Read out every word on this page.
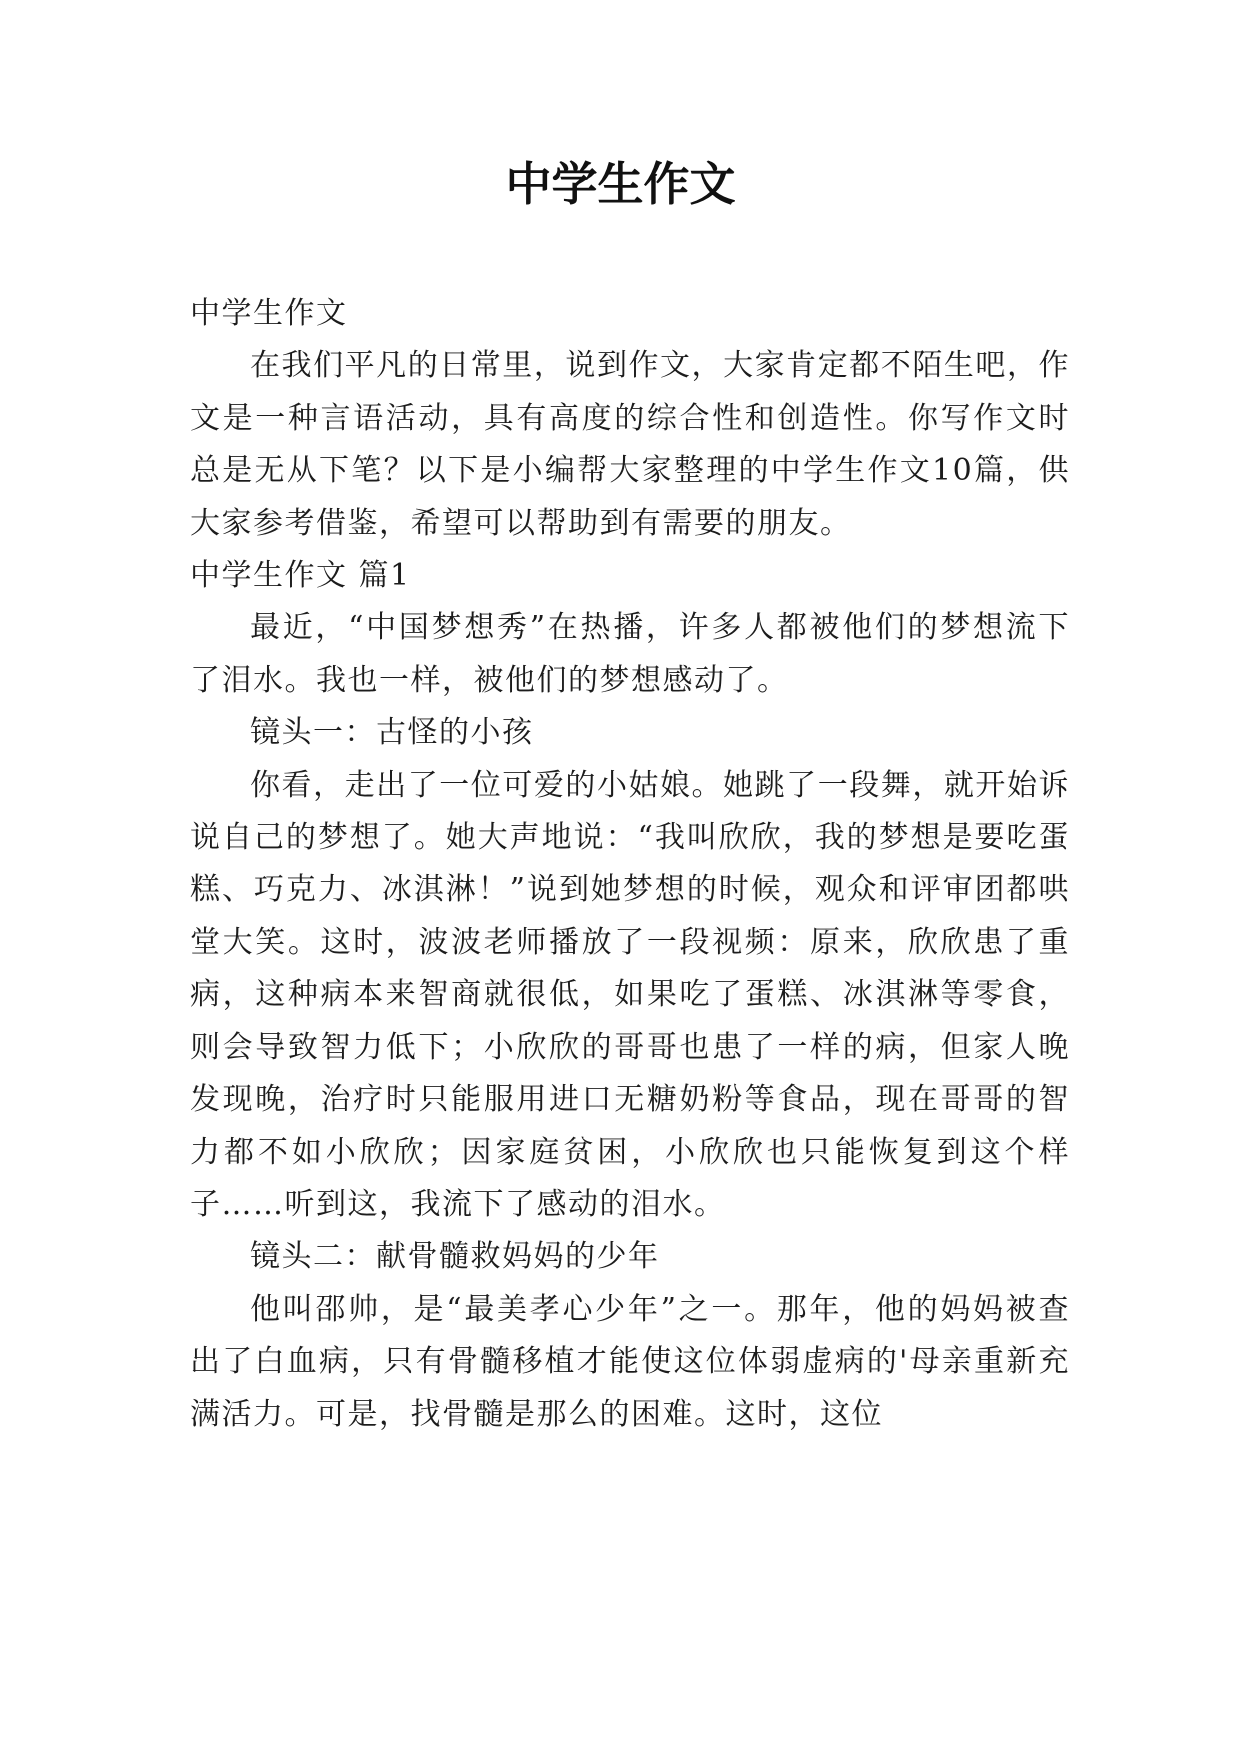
中学生作文

中学生作文

在我们平凡的日常里，说到作文，大家肯定都不陌生吧，作文是一种言语活动，具有高度的综合性和创造性。你写作文时总是无从下笔？以下是小编帮大家整理的中学生作文10篇，供大家参考借鉴，希望可以帮助到有需要的朋友。

中学生作文 篇1

最近，“中国梦想秀”在热播，许多人都被他们的梦想流下了泪水。我也一样，被他们的梦想感动了。

镜头一：古怪的小孩

你看，走出了一位可爱的小姑娘。她跳了一段舞，就开始诉说自己的梦想了。她大声地说：“我叫欣欣，我的梦想是要吃蛋糕、巧克力、冰淇淋！”说到她梦想的时候，观众和评审团都哄堂大笑。这时，波波老师播放了一段视频：原来，欣欣患了重病，这种病本来智商就很低，如果吃了蛋糕、冰淇淋等零食，则会导致智力低下；小欣欣的哥哥也患了一样的病，但家人晚发现晚，治疗时只能服用进口无糖奶粉等食品，现在哥哥的智力都不如小欣欣；因家庭贫困，小欣欣也只能恢复到这个样子……听到这，我流下了感动的泪水。

镜头二：献骨髓救妈妈的少年

他叫邵帅，是“最美孝心少年”之一。那年，他的妈妈被查出了白血病，只有骨髓移植才能使这位体弱虚病的'母亲重新充满活力。可是，找骨髓是那么的困难。这时，这位
